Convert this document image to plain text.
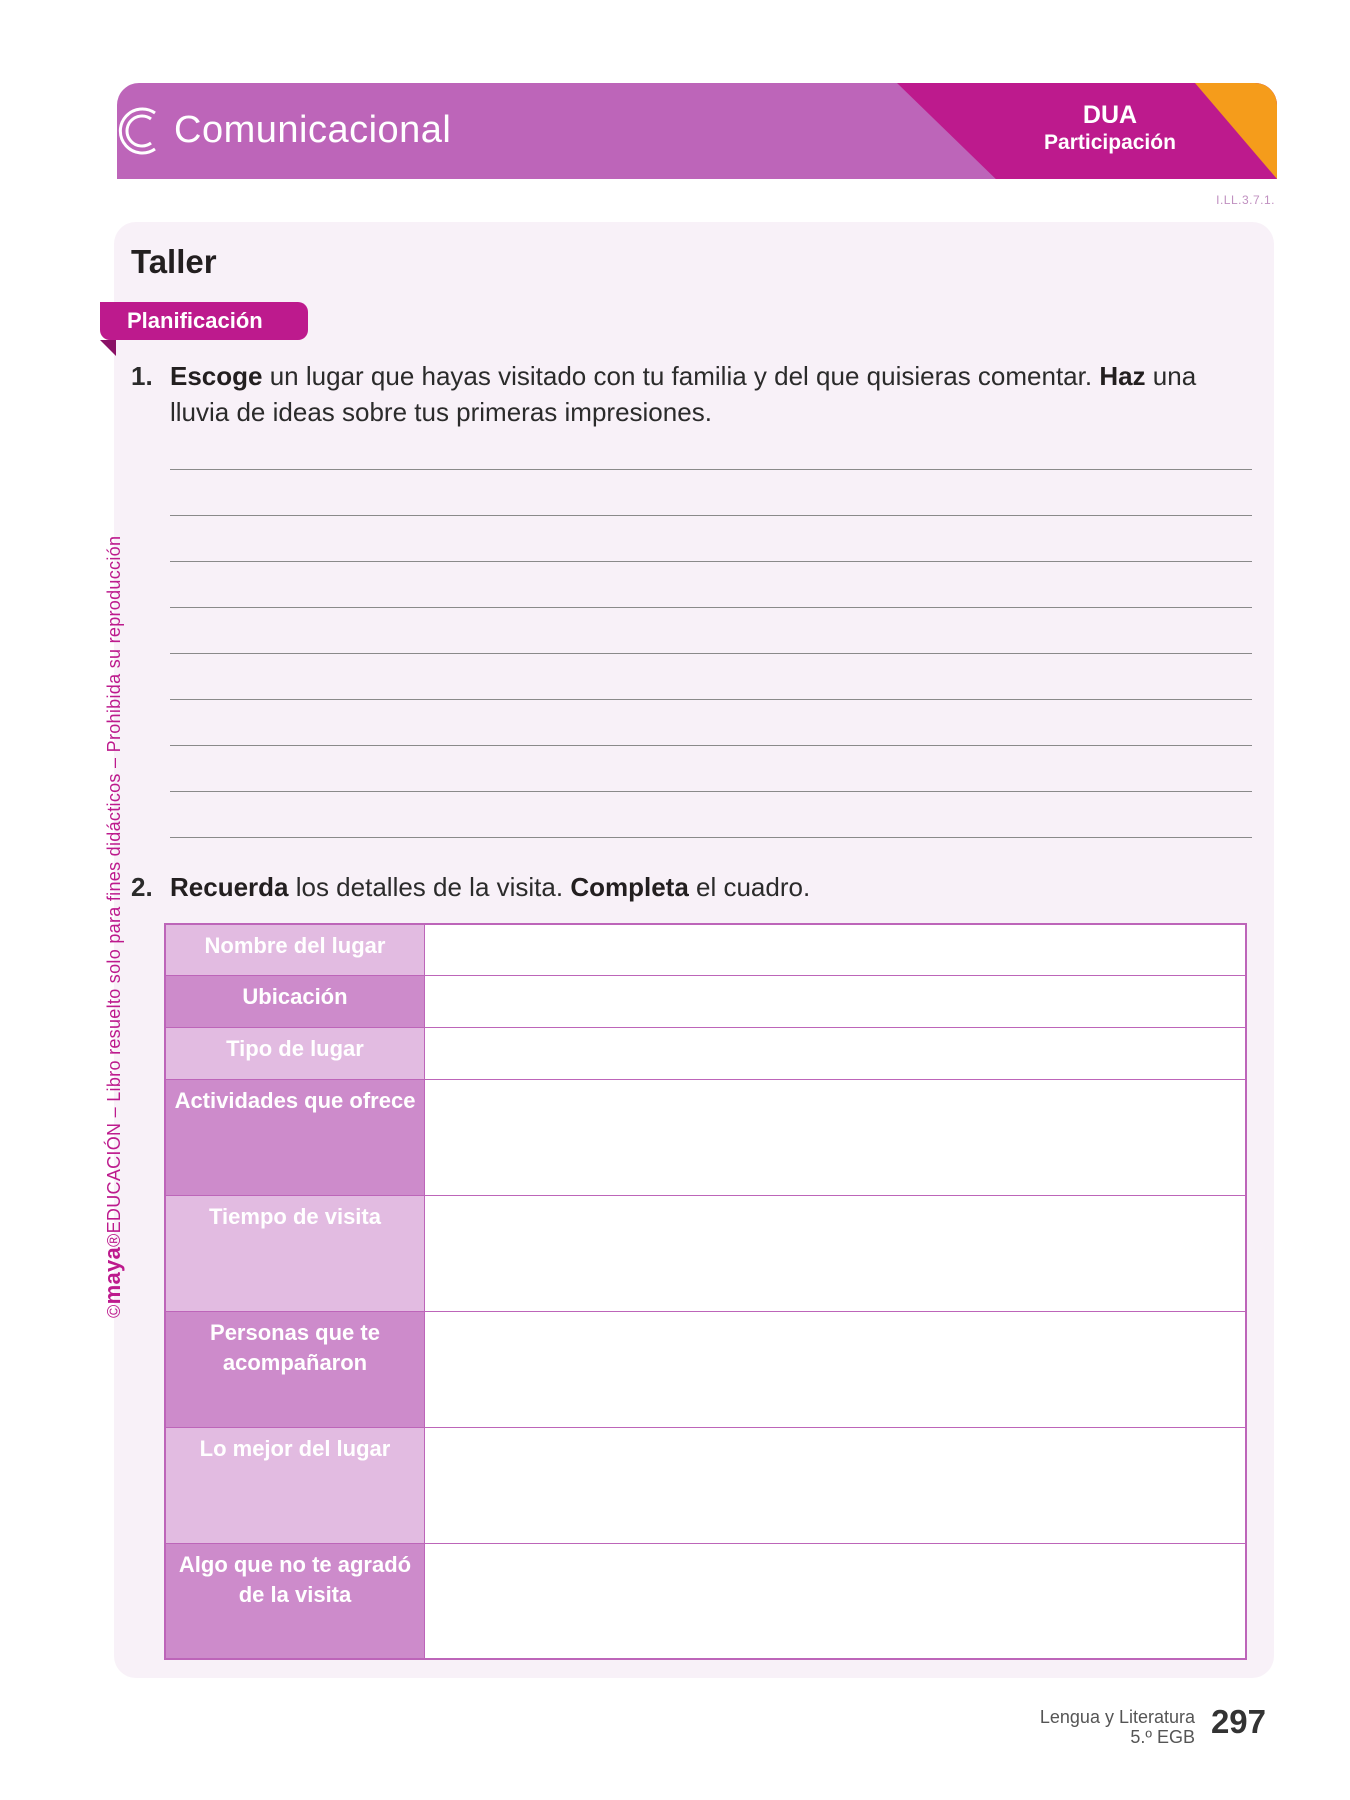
Comunicacional	DUA
Participación
I.LL.3.7.1.
Taller
Planificación
1. Escoge un lugar que hayas visitado con tu familia y del que quisieras comentar. Haz una lluvia de ideas sobre tus primeras impresiones.
2. Recuerda los detalles de la visita. Completa el cuadro.
Nombre del lugar	
Ubicación	
Tipo de lugar	
Actividades que ofrece	
Tiempo de visita	
Personas que te acompañaron	
Lo mejor del lugar	
Algo que no te agradó de la visita	
©maya®EDUCACIÓN – Libro resuelto solo para fines didácticos – Prohibida su reproducción
Lengua y Literatura
5.º EGB 297
